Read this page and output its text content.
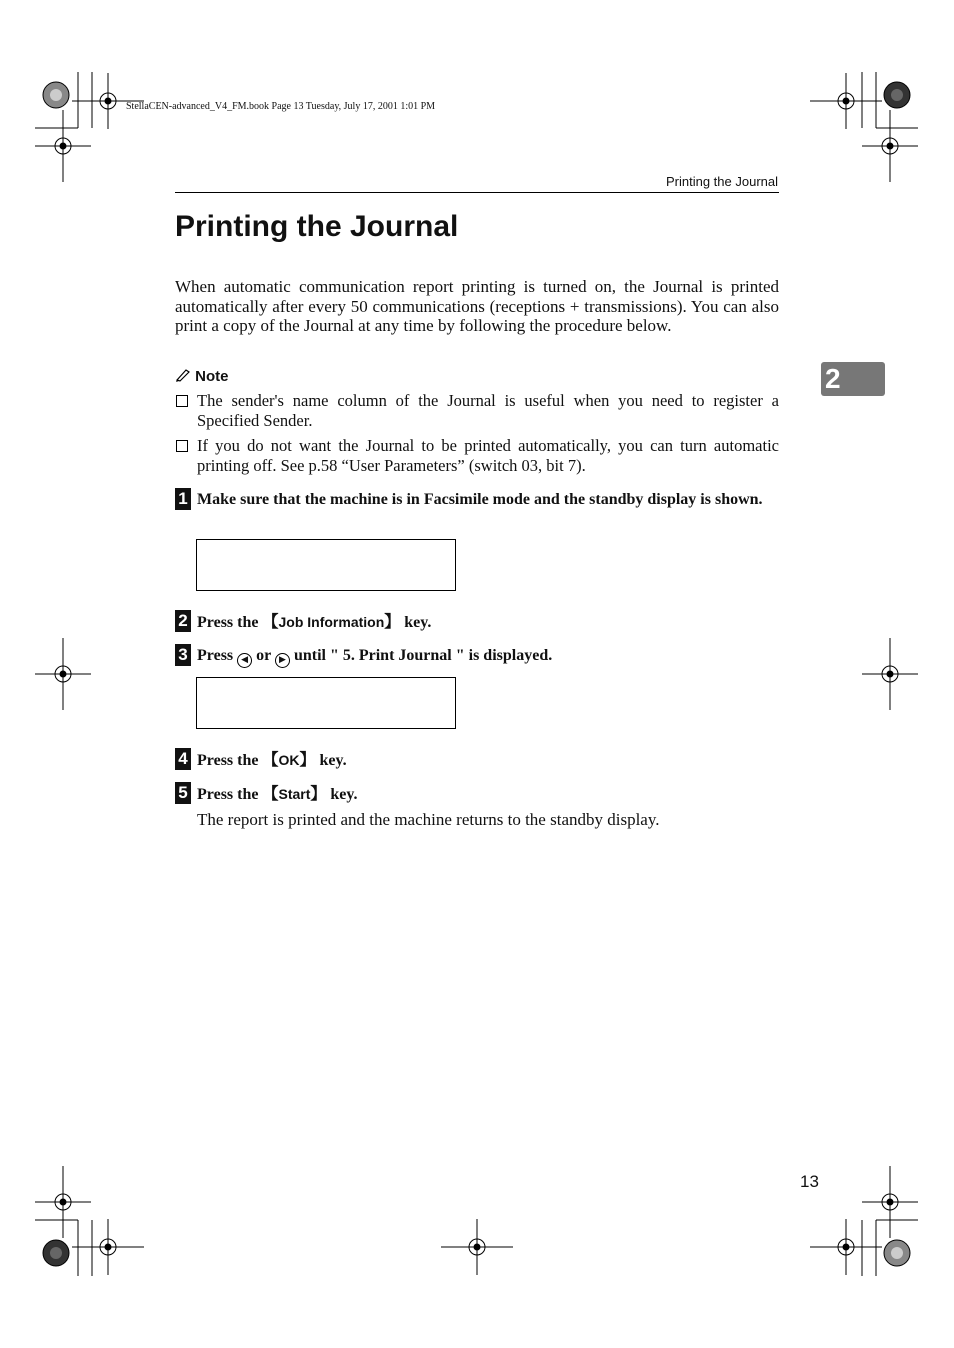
StellaCEN-advanced_V4_FM.book Page 13 Tuesday, July 17, 2001 1:01 PM
Printing the Journal
Printing the Journal

When automatic communication report printing is turned on, the Journal is printed automatically after every 50 communications (receptions + transmissions). You can also print a copy of the Journal at any time by following the procedure below.

2
Note
The sender's name column of the Journal is useful when you need to register a Specified Sender.
If you do not want the Journal to be printed automatically, you can turn automatic printing off. See p.58 “User Parameters” (switch 03, bit 7).
1 Make sure that the machine is in Facsimile mode and the standby display is shown.

2 Press the 【Job Information】 key.
3 Press ◀ or ▶ until " 5. Print Journal " is displayed.

4 Press the 【OK】 key.
5 Press the 【Start】 key.
The report is printed and the machine returns to the standby display.
13
